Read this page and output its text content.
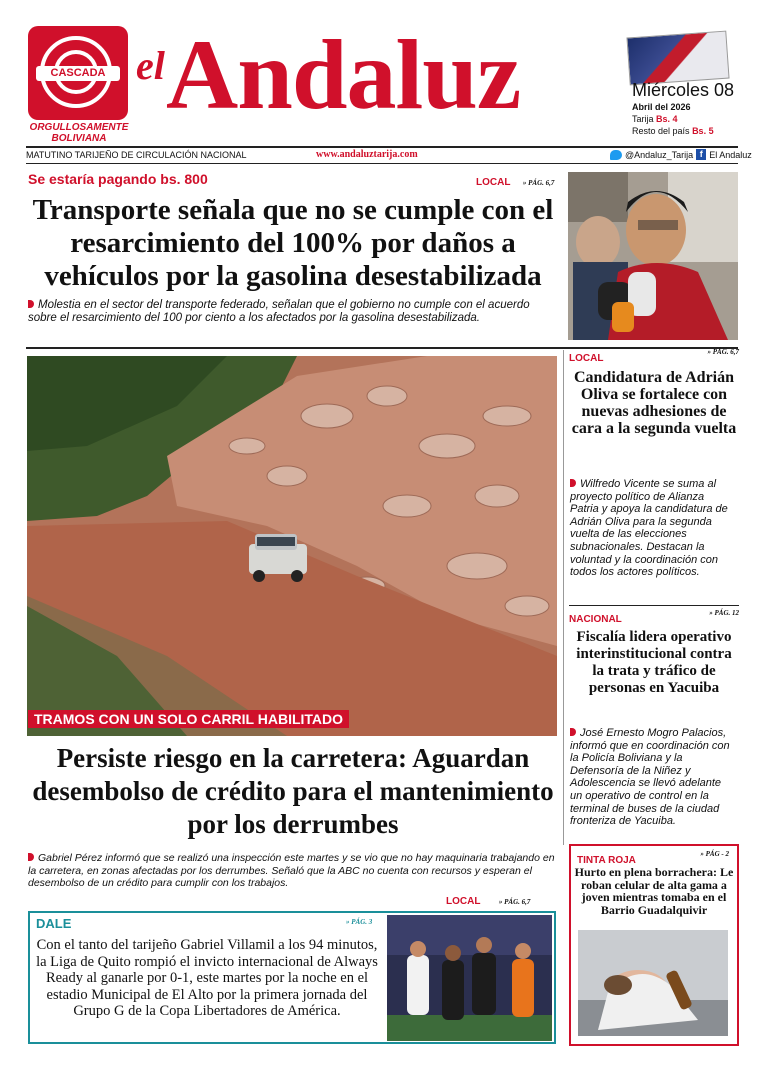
CASCADA
ORGULLOSAMENTE
BOLIVIANA
el Andaluz	Miércoles 08
Abril del 2026
Tarija Bs. 4
Resto del país Bs. 5
MATUTINO TARIJEÑO DE CIRCULACIÓN NACIONAL	www.andaluztarija.com	@Andaluz_Tarija f El Andaluz
Se estaría pagando bs. 800	LOCAL » PÁG. 6,7
Transporte señala que no se cumple con el resarcimiento del 100% por daños a vehículos por la gasolina desestabilizada
Molestia en el sector del transporte federado, señalan que el gobierno no cumple con el acuerdo sobre el resarcimiento del 100 por ciento a los afectados por la gasolina desestabilizada.
TRAMOS CON UN SOLO CARRIL HABILITADO
Persiste riesgo en la carretera: Aguardan desembolso de crédito para el mantenimiento por los derrumbes
Gabriel Pérez informó que se realizó una inspección este martes y se vio que no hay maquinaria trabajando en la carretera, en zonas afectadas por los derrumbes. Señaló que la ABC no cuenta con recursos y esperan el desembolso de un crédito para cumplir con los trabajos.
LOCAL	» PÁG. 6,7
LOCAL
» PÁG. 6,7
Candidatura de Adrián Oliva se fortalece con nuevas adhesiones de cara a la segunda vuelta
Wilfredo Vicente se suma al proyecto político de Alianza Patria y apoya la candidatura de Adrián Oliva para la segunda vuelta de las elecciones subnacionales. Destacan la voluntad y la coordinación con todos los actores políticos.
NACIONAL
» PÁG. 12
Fiscalía lidera operativo interinstitucional contra la trata y tráfico de personas en Yacuiba
José Ernesto Mogro Palacios, informó que en coordinación con la Policía Boliviana y la Defensoría de la Niñez y Adolescencia se llevó adelante un operativo de control en la terminal de buses de la ciudad fronteriza de Yacuiba.
TINTA ROJA
» PÁG - 2
Hurto en plena borrachera: Le roban celular de alta gama a joven mientras tomaba en el Barrio Guadalquivir
DALE	» PÁG. 3
Con el tanto del tarijeño Gabriel Villamil a los 94 minutos, la Liga de Quito rompió el invicto internacional de Always Ready al ganarle por 0-1, este martes por la noche en el estadio Municipal de El Alto por la primera jornada del Grupo G de la Copa Libertadores de América.
